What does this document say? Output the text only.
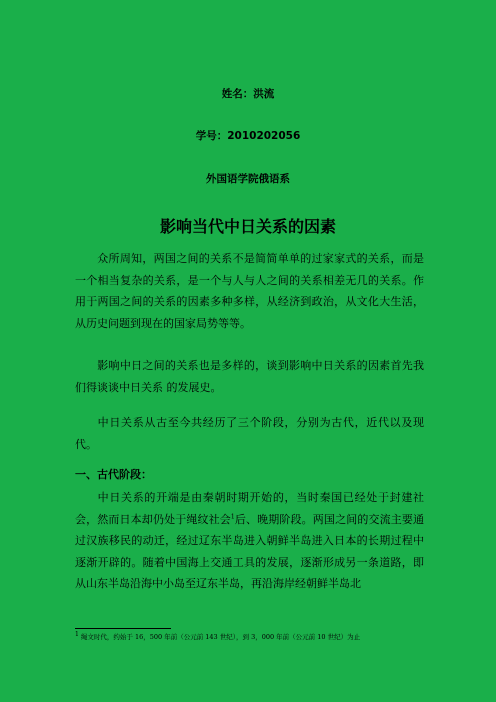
姓名：洪流
学号：2010202056
外国语学院俄语系
影响当代中日关系的因素
众所周知，两国之间的关系不是简简单单的过家家式的关系，而是一个相当复杂的关系，是一个与人与人之间的关系相差无几的关系。作用于两国之间的关系的因素多种多样，从经济到政治，从文化大生活，从历史问题到现在的国家局势等等。
影响中日之间的关系也是多样的，谈到影响中日关系的因素首先我们得谈谈中日关系 的发展史。
中日关系从古至今共经历了三个阶段，分别为古代，近代以及现代。
一、古代阶段：
中日关系的开端是由秦朝时期开始的，当时秦国已经处于封建社会，然而日本却仍处于绳纹社会$^1$后、晚期阶段。两国之间的交流主要通过汉族移民的动迁，经过辽东半岛进入朝鲜半岛进入日本的长期过程中逐渐开辟的。随着中国海上交通工具的发展，逐渐形成另一条道路，即从山东半岛沿海中小岛至辽东半岛，再沿海岸经朝鲜半岛北
$^1$ 绳文时代，约始于 16，500 年前（公元前 143 世纪），到 3，000 年前（公元前 10 世纪）为止
